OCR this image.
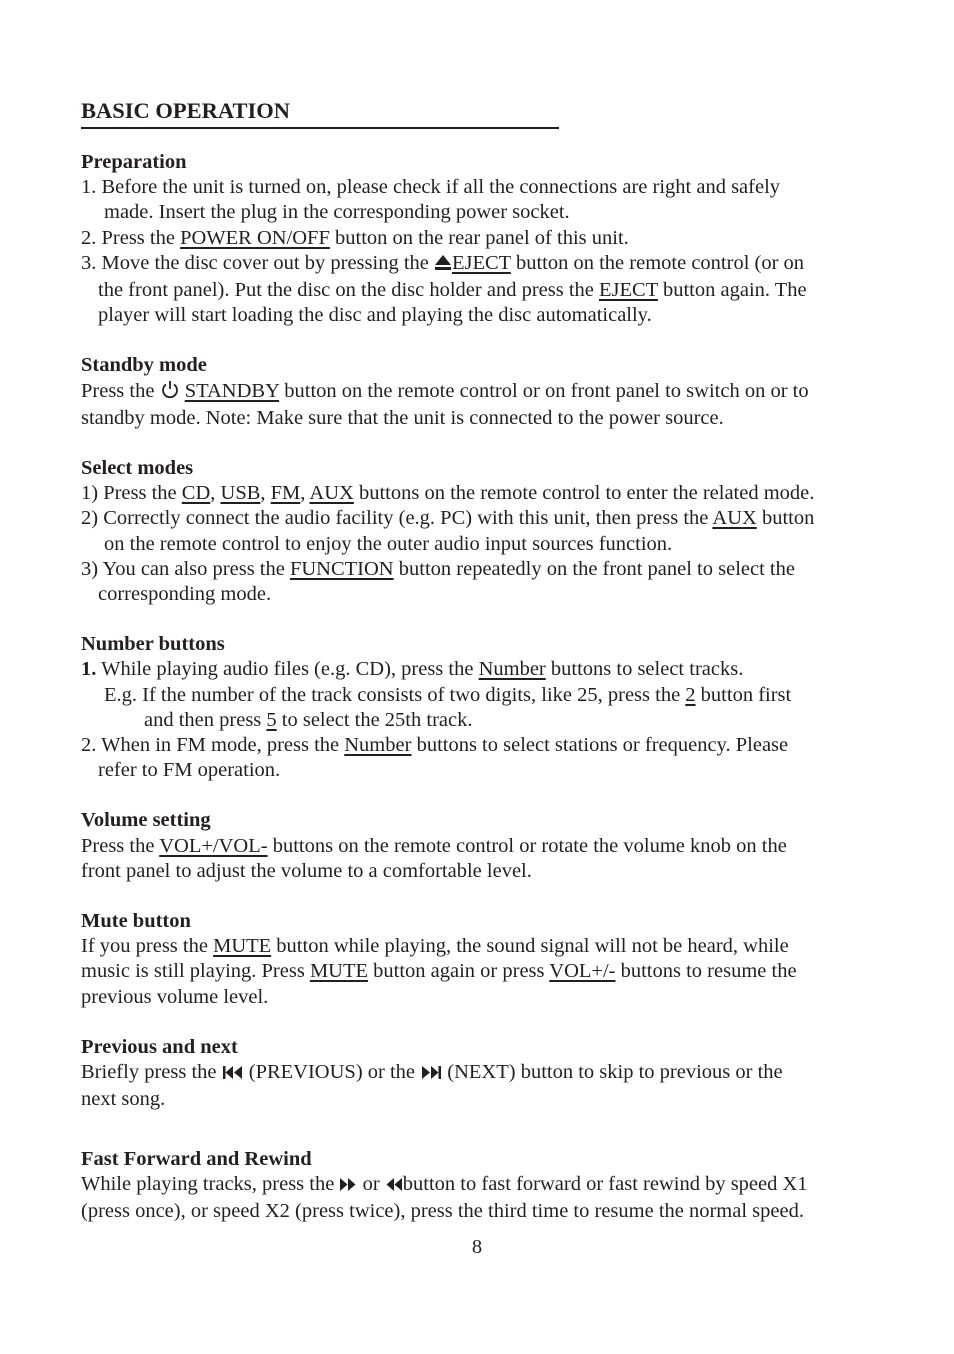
BASIC OPERATION
Preparation
1. Before the unit is turned on, please check if all the connections are right and safely
made. Insert the plug in the corresponding power socket.
2. Press the POWER ON/OFF button on the rear panel of this unit.
3. Move the disc cover out by pressing the EJECT button on the remote control (or on
the front panel). Put the disc on the disc holder and press the EJECT button again. The
player will start loading the disc and playing the disc automatically.
Standby mode
Press the  STANDBY button on the remote control or on front panel to switch on or to
standby mode. Note: Make sure that the unit is connected to the power source.
Select modes
1) Press the CD, USB, FM, AUX buttons on the remote control to enter the related mode.
2) Correctly connect the audio facility (e.g. PC) with this unit, then press the AUX button
on the remote control to enjoy the outer audio input sources function.
3) You can also press the FUNCTION button repeatedly on the front panel to select the
corresponding mode.
Number buttons
1. While playing audio files (e.g. CD), press the Number buttons to select tracks.
E.g. If the number of the track consists of two digits, like 25, press the 2 button first
and then press 5 to select the 25th track.
2. When in FM mode, press the Number buttons to select stations or frequency. Please
refer to FM operation.
Volume setting
Press the VOL+/VOL- buttons on the remote control or rotate the volume knob on the
front panel to adjust the volume to a comfortable level.
Mute button
If you press the MUTE button while playing, the sound signal will not be heard, while
music is still playing. Press MUTE button again or press VOL+/- buttons to resume the
previous volume level.
Previous and next
Briefly press the  (PREVIOUS) or the  (NEXT) button to skip to previous or the
next song.
Fast Forward and Rewind
While playing tracks, press the  or button to fast forward or fast rewind by speed X1
(press once), or speed X2 (press twice), press the third time to resume the normal speed.
8
